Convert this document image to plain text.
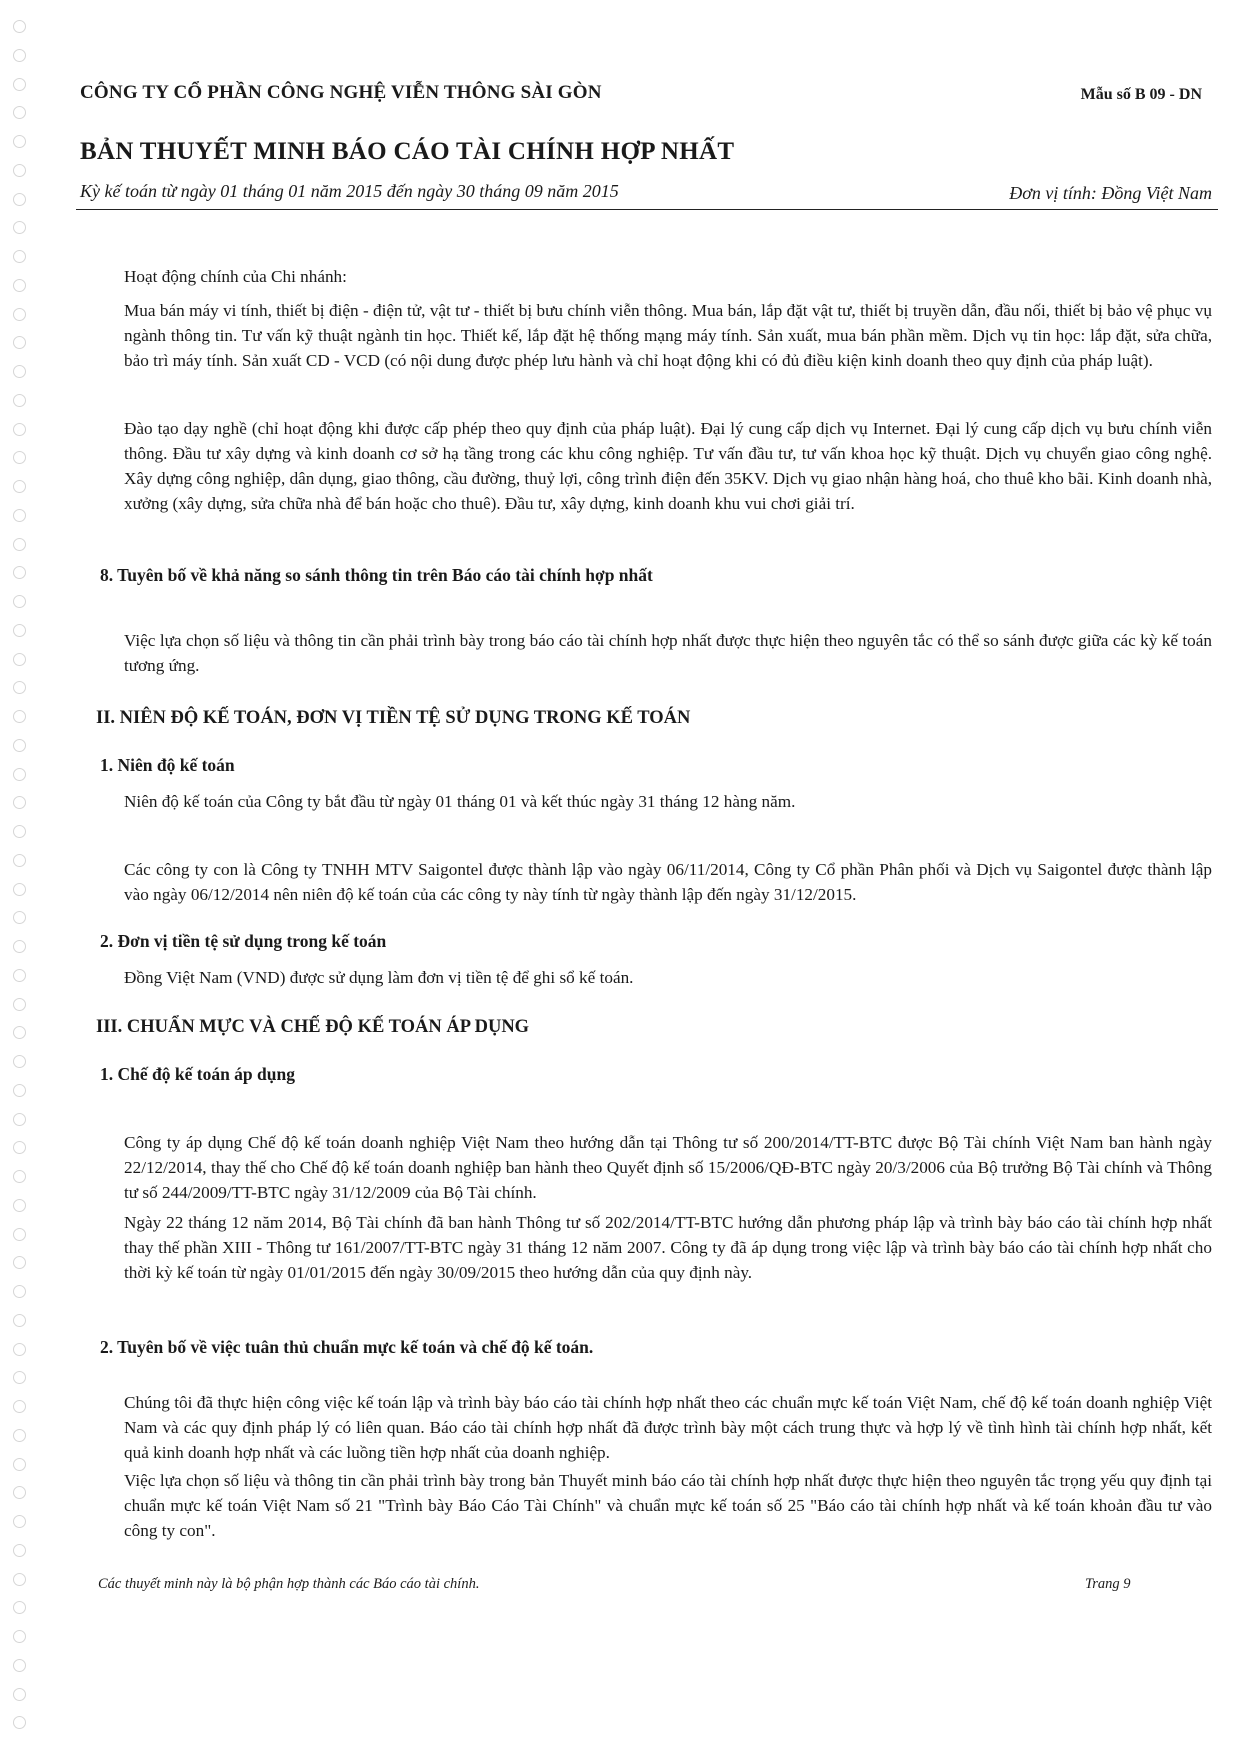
CÔNG TY CỔ PHẦN CÔNG NGHỆ VIỄN THÔNG SÀI GÒN	Mẫu số B 09 - DN
BẢN THUYẾT MINH BÁO CÁO TÀI CHÍNH HỢP NHẤT
Kỳ kế toán từ ngày 01 tháng 01 năm 2015 đến ngày 30 tháng 09 năm 2015	Đơn vị tính: Đồng Việt Nam
Hoạt động chính của Chi nhánh:
Mua bán máy vi tính, thiết bị điện - điện tử, vật tư - thiết bị bưu chính viễn thông. Mua bán, lắp đặt vật tư, thiết bị truyền dẫn, đầu nối, thiết bị bảo vệ phục vụ ngành thông tin. Tư vấn kỹ thuật ngành tin học. Thiết kế, lắp đặt hệ thống mạng máy tính. Sản xuất, mua bán phần mềm. Dịch vụ tin học: lắp đặt, sửa chữa, bảo trì máy tính. Sản xuất CD - VCD (có nội dung được phép lưu hành và chỉ hoạt động khi có đủ điều kiện kinh doanh theo quy định của pháp luật).
Đào tạo dạy nghề (chỉ hoạt động khi được cấp phép theo quy định của pháp luật). Đại lý cung cấp dịch vụ Internet. Đại lý cung cấp dịch vụ bưu chính viễn thông. Đầu tư xây dựng và kinh doanh cơ sở hạ tầng trong các khu công nghiệp. Tư vấn đầu tư, tư vấn khoa học kỹ thuật. Dịch vụ chuyển giao công nghệ. Xây dựng công nghiệp, dân dụng, giao thông, cầu đường, thuỷ lợi, công trình điện đến 35KV. Dịch vụ giao nhận hàng hoá, cho thuê kho bãi. Kinh doanh nhà, xưởng (xây dựng, sửa chữa nhà để bán hoặc cho thuê). Đầu tư, xây dựng, kinh doanh khu vui chơi giải trí.
8. Tuyên bố về khả năng so sánh thông tin trên Báo cáo tài chính hợp nhất
Việc lựa chọn số liệu và thông tin cần phải trình bày trong báo cáo tài chính hợp nhất được thực hiện theo nguyên tắc có thể so sánh được giữa các kỳ kế toán tương ứng.
II. NIÊN ĐỘ KẾ TOÁN, ĐƠN VỊ TIỀN TỆ SỬ DỤNG TRONG KẾ TOÁN
1. Niên độ kế toán
Niên độ kế toán của Công ty bắt đầu từ ngày 01 tháng 01 và kết thúc ngày 31 tháng 12 hàng năm.
Các công ty con là Công ty TNHH MTV Saigontel được thành lập vào ngày 06/11/2014, Công ty Cổ phần Phân phối và Dịch vụ Saigontel được thành lập vào ngày 06/12/2014 nên niên độ kế toán của các công ty này tính từ ngày thành lập đến ngày 31/12/2015.
2. Đơn vị tiền tệ sử dụng trong kế toán
Đồng Việt Nam (VND) được sử dụng làm đơn vị tiền tệ để ghi sổ kế toán.
III. CHUẨN MỰC VÀ CHẾ ĐỘ KẾ TOÁN ÁP DỤNG
1. Chế độ kế toán áp dụng
Công ty áp dụng Chế độ kế toán doanh nghiệp Việt Nam theo hướng dẫn tại Thông tư số 200/2014/TT-BTC được Bộ Tài chính Việt Nam ban hành ngày 22/12/2014, thay thế cho Chế độ kế toán doanh nghiệp ban hành theo Quyết định số 15/2006/QĐ-BTC ngày 20/3/2006 của Bộ trưởng Bộ Tài chính và Thông tư số 244/2009/TT-BTC ngày 31/12/2009 của Bộ Tài chính.
Ngày 22 tháng 12 năm 2014, Bộ Tài chính đã ban hành Thông tư số 202/2014/TT-BTC hướng dẫn phương pháp lập và trình bày báo cáo tài chính hợp nhất thay thế phần XIII - Thông tư 161/2007/TT-BTC ngày 31 tháng 12 năm 2007. Công ty đã áp dụng trong việc lập và trình bày báo cáo tài chính hợp nhất cho thời kỳ kế toán từ ngày 01/01/2015 đến ngày 30/09/2015 theo hướng dẫn của quy định này.
2. Tuyên bố về việc tuân thủ chuẩn mực kế toán và chế độ kế toán.
Chúng tôi đã thực hiện công việc kế toán lập và trình bày báo cáo tài chính hợp nhất theo các chuẩn mực kế toán Việt Nam, chế độ kế toán doanh nghiệp Việt Nam và các quy định pháp lý có liên quan. Báo cáo tài chính hợp nhất đã được trình bày một cách trung thực và hợp lý về tình hình tài chính hợp nhất, kết quả kinh doanh hợp nhất và các luồng tiền hợp nhất của doanh nghiệp.
Việc lựa chọn số liệu và thông tin cần phải trình bày trong bản Thuyết minh báo cáo tài chính hợp nhất được thực hiện theo nguyên tắc trọng yếu quy định tại chuẩn mực kế toán Việt Nam số 21 "Trình bày Báo Cáo Tài Chính" và chuẩn mực kế toán số 25 "Báo cáo tài chính hợp nhất và kế toán khoản đầu tư vào công ty con".
Các thuyết minh này là bộ phận hợp thành các Báo cáo tài chính.	Trang 9
